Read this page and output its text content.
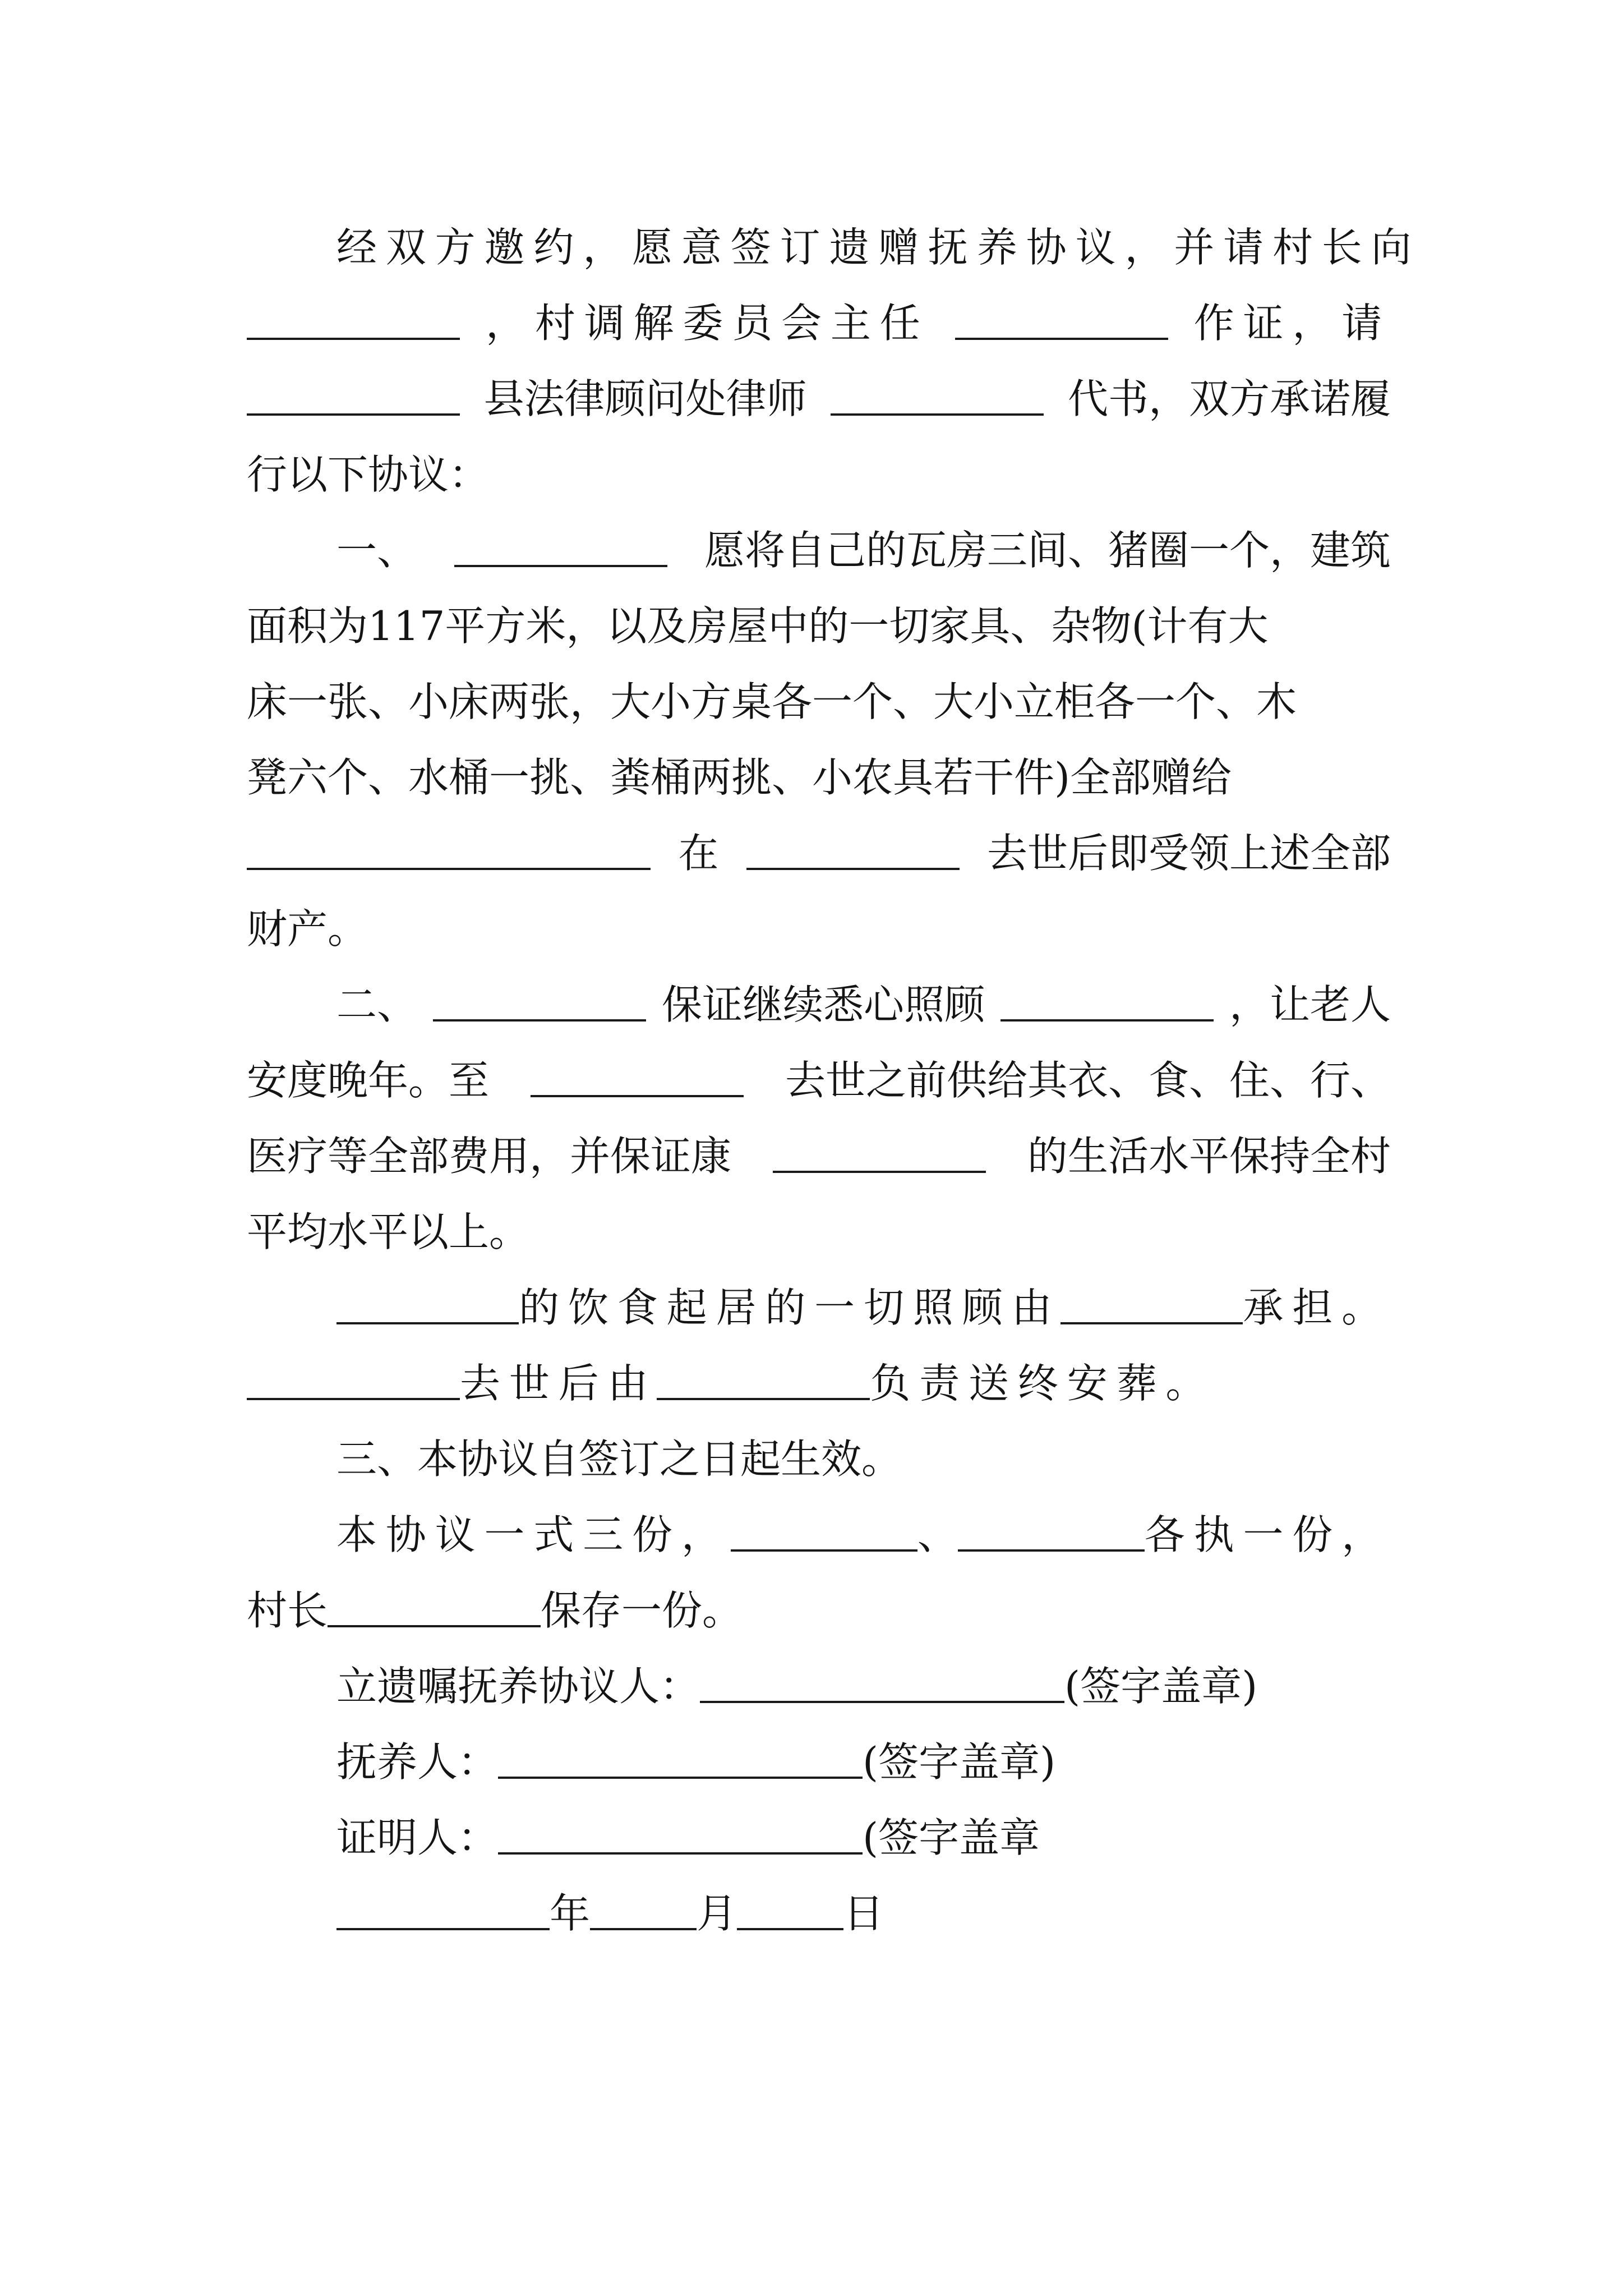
经双方邀约，愿意签订遗赠抚养协议，并请村长向
，村调解委员会主任	作证，请
县法律顾问处律师	代书，双方承诺履
行以下协议：
一、	愿将自己的瓦房三间、猪圈一个，建筑
面积为117平方米，以及房屋中的一切家具、杂物(计有大
床一张、小床两张，大小方桌各一个、大小立柜各一个、木
凳六个、水桶一挑、粪桶两挑、小农具若干件)全部赠给
在	去世后即受领上述全部
财产。
二、	保证继续悉心照顾	，让老人
安度晚年。至	去世之前供给其衣、食、住、行、
医疗等全部费用，并保证康	的生活水平保持全村
平均水平以上。
的饮食起居的一切照顾由	承担。
去世后由	负责送终安葬。
三、本协议自签订之日起生效。
本协议一式三份，	、	各执一份，
村长	保存一份。
立遗嘱抚养协议人：	(签字盖章)
抚养人：	(签字盖章)
证明人：	(签字盖章
年	月	日
